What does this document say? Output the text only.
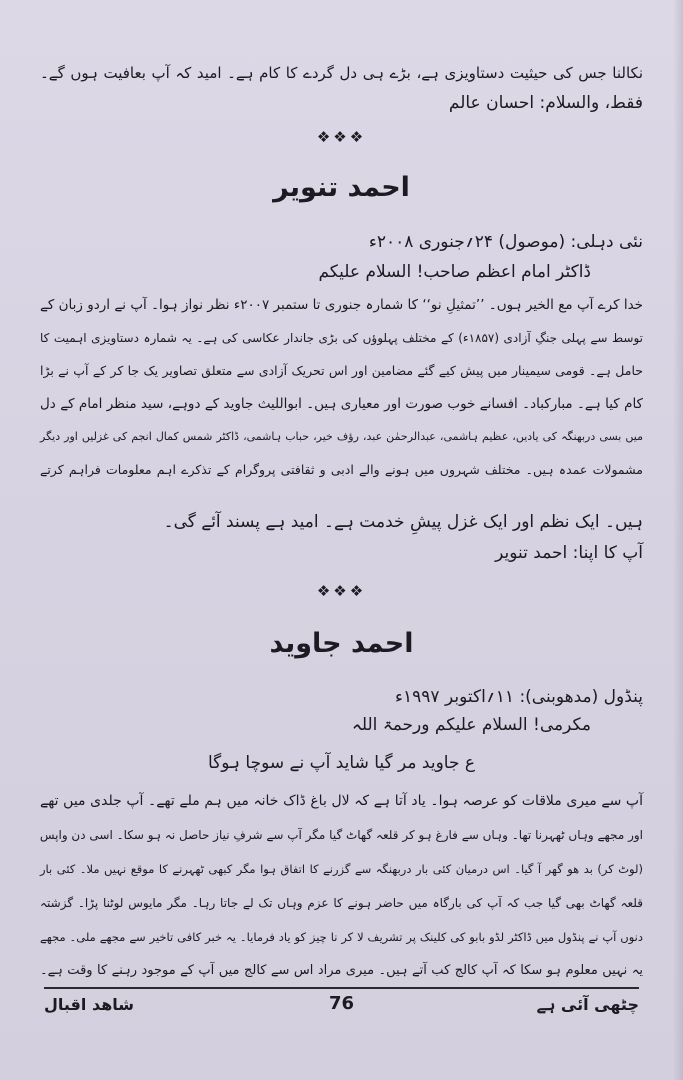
نکالنا جس کی حیثیت دستاویزی ہے، بڑے ہی دل گردے کا کام ہے۔ امید کہ آپ بعافیت ہوں گے۔
فقط، والسلام: احسان عالم
❖❖❖
احمد تنویر
نئی دہلی: (موصول) ۲۴؍جنوری ۲۰۰۸ء
ڈاکٹر امام اعظم صاحب! السلام علیکم
خدا کرے آپ مع الخیر ہوں۔ ’’تمثیلِ نو‘‘ کا شمارہ جنوری تا ستمبر ۲۰۰۷ء نظر نواز ہوا۔ آپ نے اردو زبان کے
توسط سے پہلی جنگِ آزادی (۱۸۵۷ء) کے مختلف پہلوؤں کی بڑی جاندار عکاسی کی ہے۔ یہ شمارہ دستاویزی اہمیت کا
حامل ہے۔ قومی سیمینار میں پیش کیے گئے مضامین اور اس تحریک آزادی سے متعلق تصاویر یک جا کر کے آپ نے بڑا
کام کیا ہے۔ مبارکباد۔ افسانے خوب صورت اور معیاری ہیں۔ ابواللیث جاوید کے دوہے، سید منظر امام کے دل
میں بسی دربھنگہ کی یادیں، عظیم ہاشمی، عبدالرحمٰن عبد، رؤف خیر، حباب ہاشمی، ڈاکٹر شمس کمال انجم کی غزلیں اور دیگر
مشمولات عمدہ ہیں۔ مختلف شہروں میں ہونے والے ادبی و ثقافتی پروگرام کے تذکرے اہم معلومات فراہم کرتے
ہیں۔ ایک نظم اور ایک غزل پیشِ خدمت ہے۔ امید ہے پسند آئے گی۔
آپ کا اپنا: احمد تنویر
❖❖❖
احمد جاوید
پنڈول (مدھوبنی): ۱۱؍اکتوبر ۱۹۹۷ء
مکرمی! السلام علیکم ورحمۃ اللہ
ع جاوید مر گیا شاید آپ نے سوچا ہوگا
آپ سے میری ملاقات کو عرصہ ہوا۔ یاد آتا ہے کہ لال باغ ڈاک خانہ میں ہم ملے تھے۔ آپ جلدی میں تھے
اور مجھے وہاں ٹھہرنا تھا۔ وہاں سے فارغ ہو کر قلعہ گھاٹ گیا مگر آپ سے شرفِ نیاز حاصل نہ ہو سکا۔ اسی دن واپس
(لوٹ کر) بد ھو گھر آ گیا۔ اس درمیان کئی بار دربھنگہ سے گزرنے کا اتفاق ہوا مگر کبھی ٹھہرنے کا موقع نہیں ملا۔ کئی بار
قلعہ گھاٹ بھی گیا جب کہ آپ کی بارگاہ میں حاضر ہونے کا عزم وہاں تک لے جاتا رہا۔ مگر مایوس لوٹنا پڑا۔ گزشتہ
دنوں آپ نے پنڈول میں ڈاکٹر لڈو بابو کی کلینک پر تشریف لا کر نا چیز کو یاد فرمایا۔ یہ خبر کافی تاخیر سے مجھے ملی۔ مجھے
یہ نہیں معلوم ہو سکا کہ آپ کالج کب آتے ہیں۔ میری مراد اس سے کالج میں آپ کے موجود رہنے کا وقت ہے۔
چٹھی آئی ہے
76
شاهد اقبال
